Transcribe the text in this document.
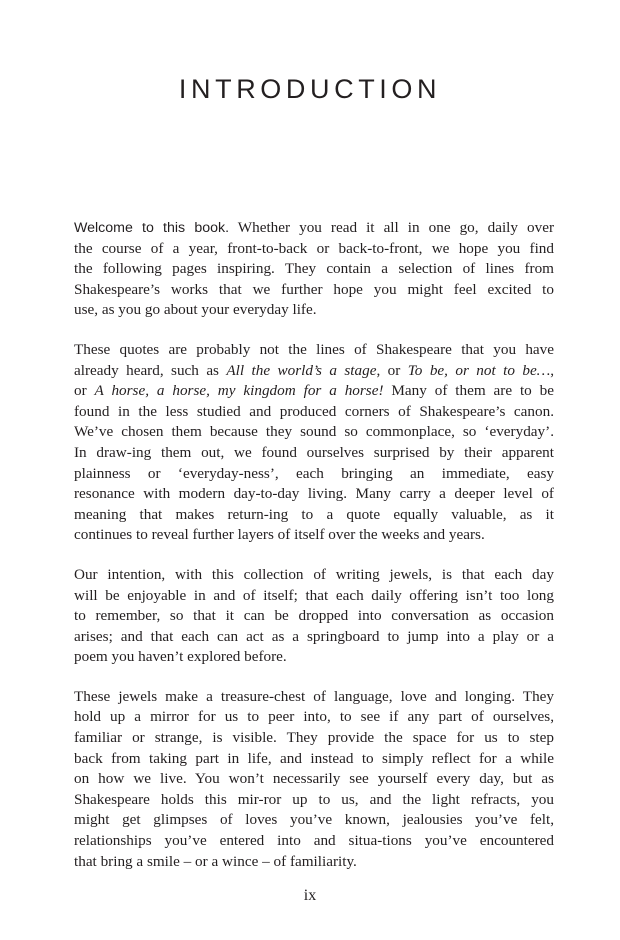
INTRODUCTION

Welcome to this book. Whether you read it all in one go, daily over
the course of a year, front-to-back or back-to-front, we hope you find
the following pages inspiring. They contain a selection of lines from
Shakespeare’s works that we further hope you might feel excited to
use, as you go about your everyday life.

These quotes are probably not the lines of Shakespeare that you have
already heard, such as All the world’s a stage, or To be, or not to be…,
or A horse, a horse, my kingdom for a horse! Many of them are to be
found in the less studied and produced corners of Shakespeare’s canon.
We’ve chosen them because they sound so commonplace, so ‘everyday’.
In draw-ing them out, we found ourselves surprised by their apparent
plainness or ‘everyday-ness’, each bringing an immediate, easy
resonance with modern day-to-day living. Many carry a deeper level of
meaning that makes return-ing to a quote equally valuable, as it
continues to reveal further layers of itself over the weeks and years.

Our intention, with this collection of writing jewels, is that each day
will be enjoyable in and of itself; that each daily offering isn’t too long
to remember, so that it can be dropped into conversation as occasion
arises; and that each can act as a springboard to jump into a play or a
poem you haven’t explored before.

These jewels make a treasure-chest of language, love and longing. They
hold up a mirror for us to peer into, to see if any part of ourselves,
familiar or strange, is visible. They provide the space for us to step
back from taking part in life, and instead to simply reflect for a while
on how we live. You won’t necessarily see yourself every day, but as
Shakespeare holds this mir-ror up to us, and the light refracts, you
might get glimpses of loves you’ve known, jealousies you’ve felt,
relationships you’ve entered into and situa-tions you’ve encountered
that bring a smile – or a wince – of familiarity.

ix
